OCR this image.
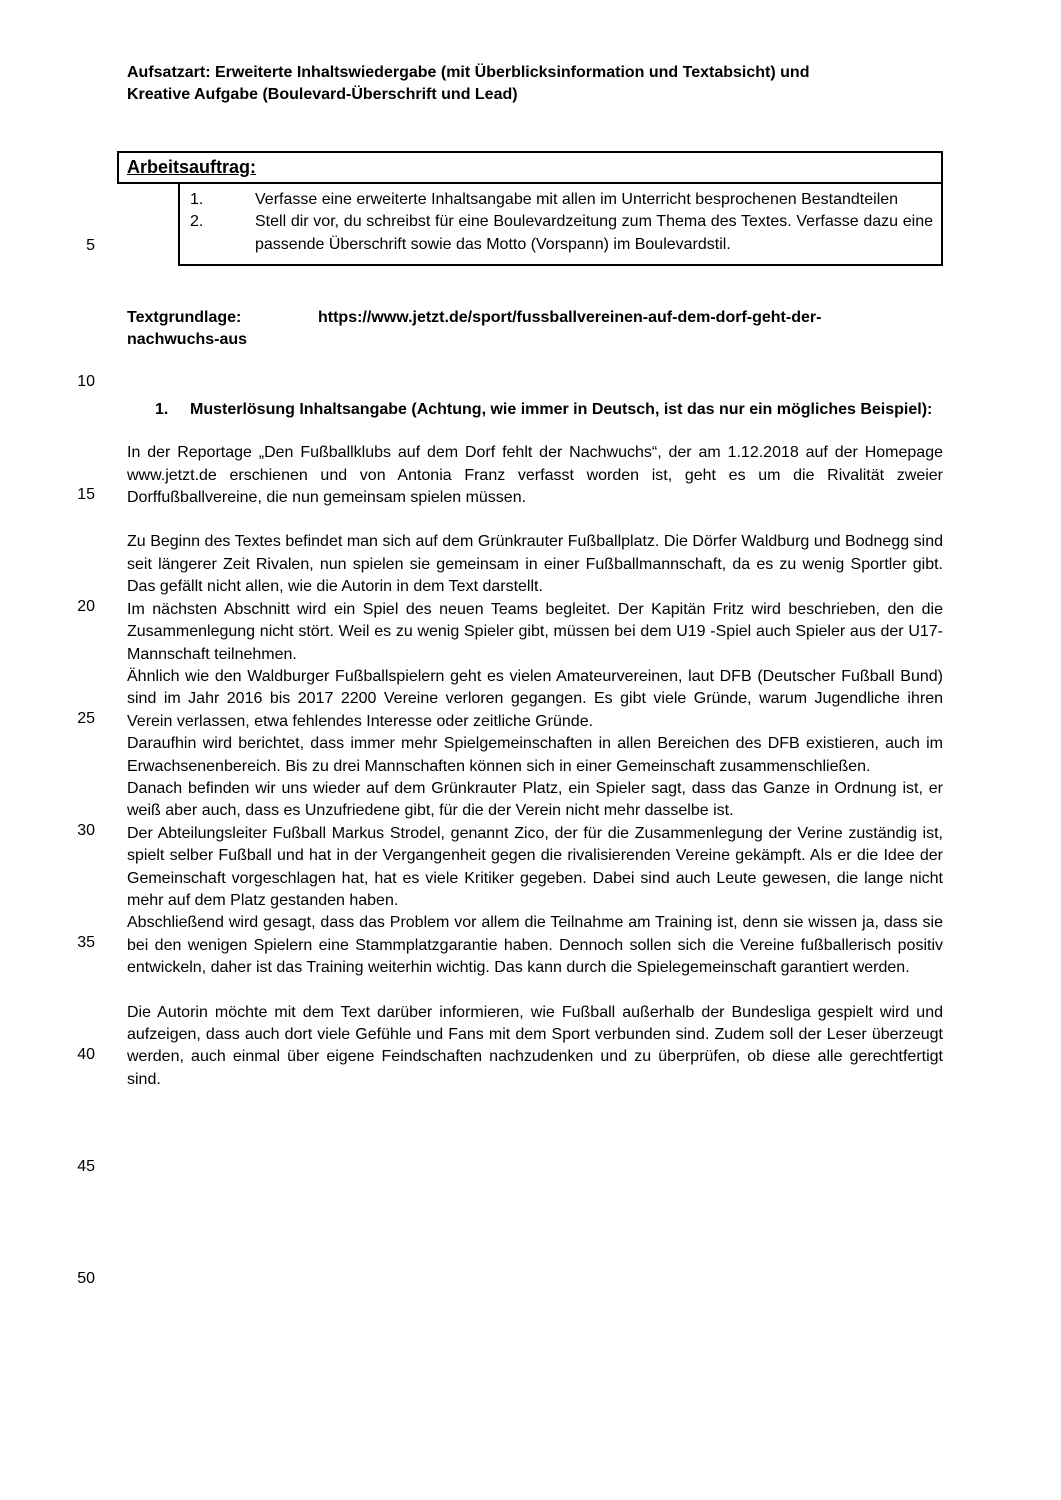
5
10
15
20
25
30
35
40
45
50
Aufsatzart: Erweiterte Inhaltswiedergabe (mit Überblicksinformation und Textabsicht) und
Kreative Aufgabe (Boulevard-Überschrift und Lead)
Arbeitsauftrag:
1.	Verfasse eine erweiterte Inhaltsangabe mit allen im Unterricht besprochenen Bestandteilen
2.	Stell dir vor, du schreibst für eine Boulevardzeitung zum Thema des Textes. Verfasse dazu eine passende Überschrift sowie das Motto (Vorspann) im Boulevardstil.
Textgrundlage:	https://www.jetzt.de/sport/fussballvereinen-auf-dem-dorf-geht-der-
nachwuchs-aus
1. Musterlösung Inhaltsangabe (Achtung, wie immer in Deutsch, ist das nur ein mögliches Beispiel):

In der Reportage „Den Fußballklubs auf dem Dorf fehlt der Nachwuchs“, der am 1.12.2018 auf der Homepage www.jetzt.de erschienen und von Antonia Franz verfasst worden ist, geht es um die Rivalität zweier Dorffußballvereine, die nun gemeinsam spielen müssen.

Zu Beginn des Textes befindet man sich auf dem Grünkrauter Fußballplatz. Die Dörfer Waldburg und Bodnegg sind seit längerer Zeit Rivalen, nun spielen sie gemeinsam in einer Fußballmannschaft, da es zu wenig Sportler gibt. Das gefällt nicht allen, wie die Autorin in dem Text darstellt.

Im nächsten Abschnitt wird ein Spiel des neuen Teams begleitet. Der Kapitän Fritz wird beschrieben, den die Zusammenlegung nicht stört. Weil es zu wenig Spieler gibt, müssen bei dem U19 -Spiel auch Spieler aus der U17-Mannschaft teilnehmen.

Ähnlich wie den Waldburger Fußballspielern geht es vielen Amateurvereinen, laut DFB (Deutscher Fußball Bund) sind im Jahr 2016 bis 2017 2200 Vereine verloren gegangen. Es gibt viele Gründe, warum Jugendliche ihren Verein verlassen, etwa fehlendes Interesse oder zeitliche Gründe.

Daraufhin wird berichtet, dass immer mehr Spielgemeinschaften in allen Bereichen des DFB existieren, auch im Erwachsenenbereich. Bis zu drei Mannschaften können sich in einer Gemeinschaft zusammenschließen.

Danach befinden wir uns wieder auf dem Grünkrauter Platz, ein Spieler sagt, dass das Ganze in Ordnung ist, er weiß aber auch, dass es Unzufriedene gibt, für die der Verein nicht mehr dasselbe ist.

Der Abteilungsleiter Fußball Markus Strodel, genannt Zico, der für die Zusammenlegung der Verine zuständig ist, spielt selber Fußball und hat in der Vergangenheit gegen die rivalisierenden Vereine gekämpft. Als er die Idee der Gemeinschaft vorgeschlagen hat, hat es viele Kritiker gegeben. Dabei sind auch Leute gewesen, die lange nicht mehr auf dem Platz gestanden haben.

Abschließend wird gesagt, dass das Problem vor allem die Teilnahme am Training ist, denn sie wissen ja, dass sie bei den wenigen Spielern eine Stammplatzgarantie haben. Dennoch sollen sich die Vereine fußballerisch positiv entwickeln, daher ist das Training weiterhin wichtig. Das kann durch die Spielegemeinschaft garantiert werden.

Die Autorin möchte mit dem Text darüber informieren, wie Fußball außerhalb der Bundesliga gespielt wird und aufzeigen, dass auch dort viele Gefühle und Fans mit dem Sport verbunden sind. Zudem soll der Leser überzeugt werden, auch einmal über eigene Feindschaften nachzudenken und zu überprüfen, ob diese alle gerechtfertigt sind.
